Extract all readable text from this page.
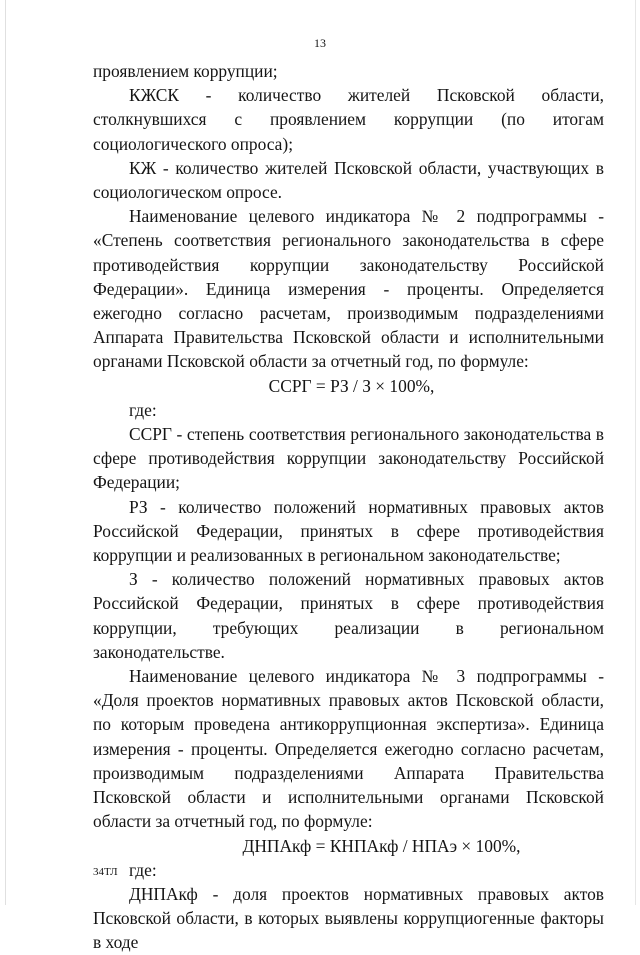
13

проявлением коррупции;

КЖСК - количество жителей Псковской области, столкнувшихся с проявлением коррупции (по итогам социологического опроса);

КЖ - количество жителей Псковской области, участвующих в социологическом опросе.

Наименование целевого индикатора № 2 подпрограммы - «Степень соответствия регионального законодательства в сфере противодействия коррупции законодательству Российской Федерации». Единица измерения - проценты. Определяется ежегодно согласно расчетам, производимым подразделениями Аппарата Правительства Псковской области и исполнительными органами Псковской области за отчетный год, по формуле:

ССРГ = РЗ / З × 100%,

где:

ССРГ - степень соответствия регионального законодательства в сфере противодействия коррупции законодательству Российской Федерации;

РЗ - количество положений нормативных правовых актов Российской Федерации, принятых в сфере противодействия коррупции и реализованных в региональном законодательстве;

З - количество положений нормативных правовых актов Российской Федерации, принятых в сфере противодействия коррупции, требующих реализации в региональном законодательстве.

Наименование целевого индикатора № 3 подпрограммы - «Доля проектов нормативных правовых актов Псковской области, по которым проведена антикоррупционная экспертиза». Единица измерения - проценты. Определяется ежегодно согласно расчетам, производимым подразделениями Аппарата Правительства Псковской области и исполнительными органами Псковской области за отчетный год, по формуле:

ДНПАкф = КНПАкф / НПАэ × 100%,

где:

ДНПАкф - доля проектов нормативных правовых актов Псковской области, в которых выявлены коррупциогенные факторы в ходе

34ТЛ
